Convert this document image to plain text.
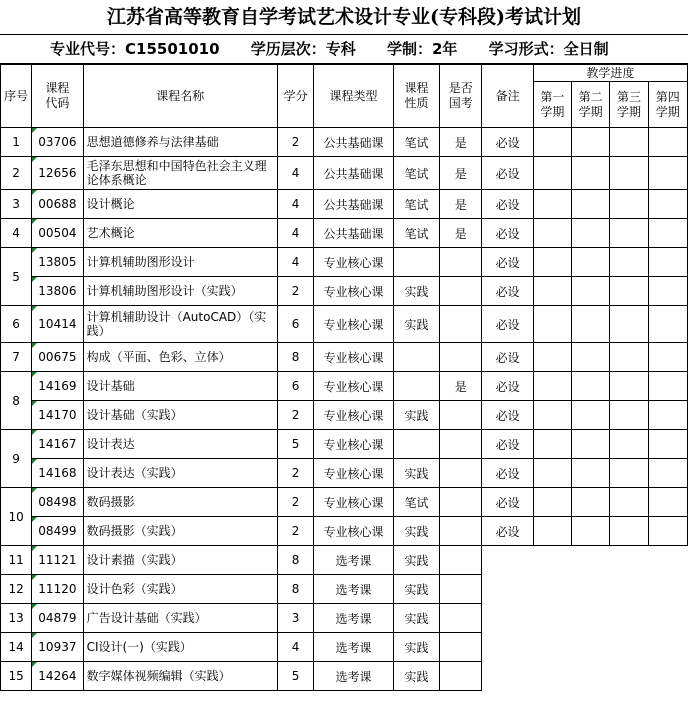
江苏省高等教育自学考试艺术设计专业(专科段)考试计划
专业代号：C15501010 学历层次：专科 学制：2年 学习形式：全日制
序号	课程代码	课程名称	学分	课程类型	课程性质	是否国考	备注	教学进度			
								第一学期	第二学期	第三学期	第四学期
1	03706	思想道德修养与法律基础	2	公共基础课	笔试	是	必设				
2	12656	毛泽东思想和中国特色社会主义理论体系概论	4	公共基础课	笔试	是	必设				
3	00688	设计概论	4	公共基础课	笔试	是	必设				
4	00504	艺术概论	4	公共基础课	笔试	是	必设				
5	13805	计算机辅助图形设计	4	专业核心课			必设				
	13806	计算机辅助图形设计（实践）	2	专业核心课	实践		必设				
6	10414	计算机辅助设计（AutoCAD）（实践）	6	专业核心课	实践		必设				
7	00675	构成（平面、色彩、立体）	8	专业核心课			必设				
8	14169	设计基础	6	专业核心课		是	必设				
	14170	设计基础（实践）	2	专业核心课	实践		必设				
9	14167	设计表达	5	专业核心课			必设				
	14168	设计表达（实践）	2	专业核心课	实践		必设				
10	08498	数码摄影	2	专业核心课	笔试		必设				
	08499	数码摄影（实践）	2	专业核心课	实践		必设				
11	11121	设计素描（实践）	8	选考课	实践						
12	11120	设计色彩（实践）	8	选考课	实践						
13	04879	广告设计基础（实践）	3	选考课	实践						
14	10937	CI设计(一)（实践）	4	选考课	实践						
15	14264	数字媒体视频编辑（实践）	5	选考课	实践						
